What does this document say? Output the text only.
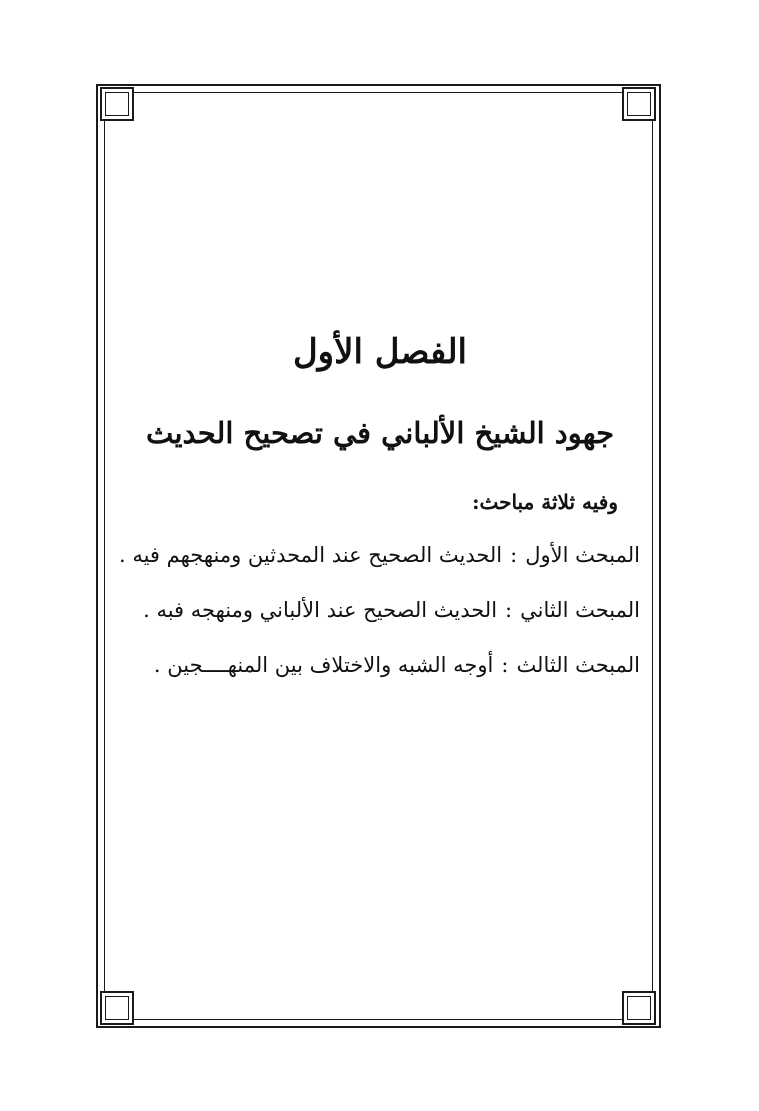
الفصل الأول
جهود الشيخ الألباني في تصحيح الحديث

وفيه ثلاثة مباحث:

المبحث الأول:الحديث الصحيح عند المحدثين ومنهجهم فيه .
المبحث الثاني:الحديث الصحيح عند الألباني ومنهجه فبه .
المبحث الثالث:أوجه الشبه والاختلاف بين المنهــــجين .
